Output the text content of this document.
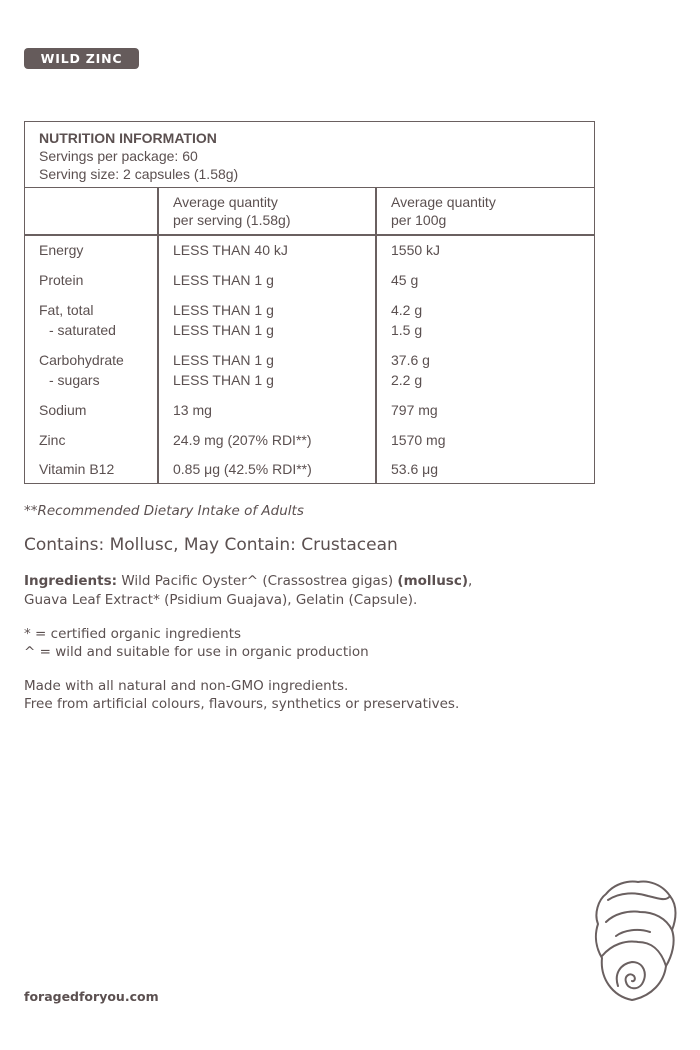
WILD ZINC
NUTRITION INFORMATION
Servings per package: 60
Serving size: 2 capsules (1.58g)
Average quantity
per serving (1.58g)
Average quantity
per 100g
Energy	LESS THAN 40 kJ	1550 kJ
Protein	LESS THAN 1 g	45 g
Fat, total	LESS THAN 1 g	4.2 g
- saturated	LESS THAN 1 g	1.5 g
Carbohydrate	LESS THAN 1 g	37.6 g
- sugars	LESS THAN 1 g	2.2 g
Sodium	13 mg	797 mg
Zinc	24.9 mg (207% RDI**)	1570 mg
Vitamin B12	0.85 μg (42.5% RDI**)	53.6 μg
**Recommended Dietary Intake of Adults
Contains: Mollusc, May Contain: Crustacean
Ingredients: Wild Pacific Oyster^ (Crassostrea gigas) (mollusc),
Guava Leaf Extract* (Psidium Guajava), Gelatin (Capsule).
* = certified organic ingredients
^ = wild and suitable for use in organic production
Made with all natural and non-GMO ingredients.
Free from artificial colours, flavours, synthetics or preservatives.
foragedforyou.com
